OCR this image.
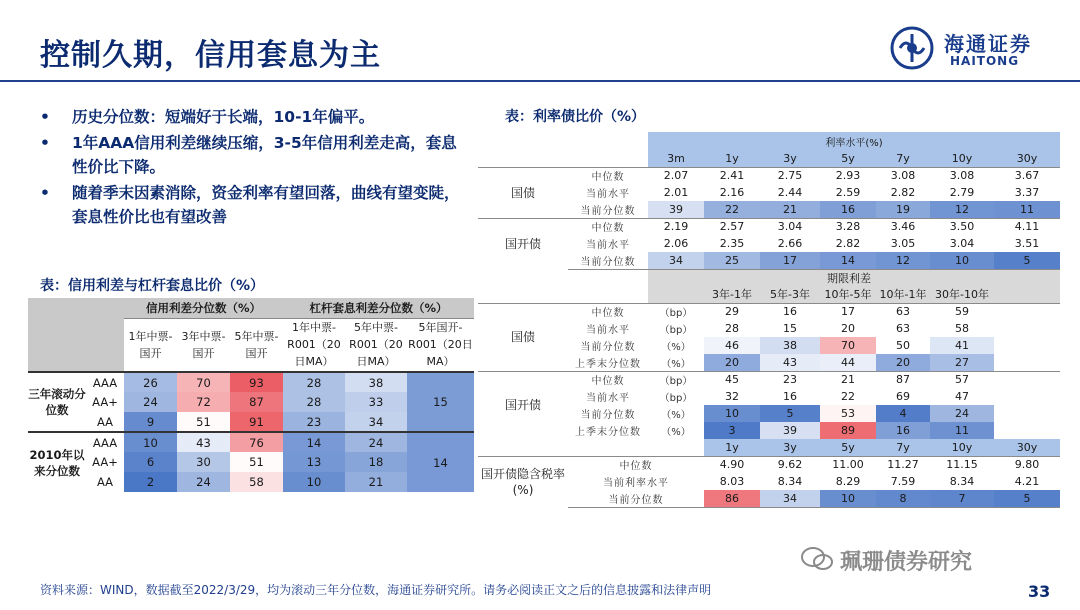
控制久期，信用套息为主	海通证券
HAITONG
• 历史分位数：短端好于长端，10-1年偏平。
• 1年AAA信用利差继续压缩，3-5年信用利差走高，套息性价比下降。
• 随着季末因素消除，资金利率有望回落，曲线有望变陡，套息性价比也有望改善
表：信用利差与杠杆套息比价（%）
表：利率债比价（%）
		信用利差分位数（%）			杠杆套息利差分位数（%）		
		1年中票-国开	3年中票-国开	5年中票-国开	1年中票-R001（20日MA）	5年中票-R001（20日MA）	5年国开-R001（20日MA）
三年滚动分位数	AAA	26	70	93	28	38	15
	AA+	24	72	87	28	33	
	AA	9	51	91	23	34	
2010年以来分位数	AAA	10	43	76	14	24	14
	AA+	6	30	51	13	18	
	AA	2	24	58	10	21	
		利率水平(%)						
		3m	1y	3y	5y	7y	10y	30y
国债	中位数	2.07	2.41	2.75	2.93	3.08	3.08	3.67
	当前水平	2.01	2.16	2.44	2.59	2.82	2.79	3.37
	当前分位数	39	22	21	16	19	12	11
国开债	中位数	2.19	2.57	3.04	3.28	3.46	3.50	4.11
	当前水平	2.06	2.35	2.66	2.82	3.05	3.04	3.51
	当前分位数	34	25	17	14	12	10	5
			期限利差					
			3年-1年	5年-3年	10年-5年	10年-1年	30年-10年	
国债	中位数	（bp）	29	16	17	63	59	
	当前水平	（bp）	28	15	20	63	58	
	当前分位数	（%）	46	38	70	50	41	
	上季末分位数	（%）	20	43	44	20	27	
国开债	中位数	（bp）	45	23	21	87	57	
	当前水平	（bp）	32	16	22	69	47	
	当前分位数	（%）	10	5	53	4	24	
	上季末分位数	（%）	3	39	89	16	11	
			1y	3y	5y	7y	10y	30y
国开债隐含税率(%)	中位数		4.90	9.62	11.00	11.27	11.15	9.80
	当前利率水平		8.03	8.34	8.29	7.59	8.34	4.21
	当前分位数		86	34	10	8	7	5
珮珊债券研究
资料来源：WIND，数据截至2022/3/29，均为滚动三年分位数，海通证券研究所。请务必阅读正文之后的信息披露和法律声明	33
